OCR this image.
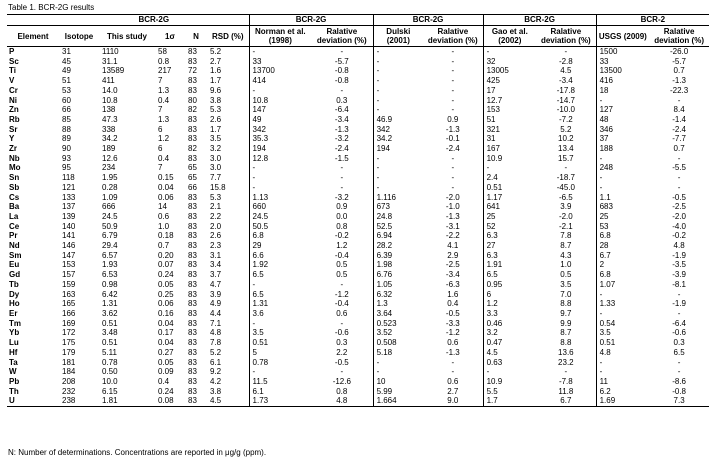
Table 1. BCR-2G results
	BCR-2G					BCR-2G		BCR-2G		BCR-2G		BCR-2	
Element	Isotope	This study	1σ	N	RSD (%)	Norman et al. (1998)	Ralative deviation (%)	Dulski (2001)	Ralative deviation (%)	Gao et al. (2002)	Ralative deviation (%)	USGS (2009)	Ralative deviation (%)
P	31	1110	58	83	5.2	-	-	-	-	-	-	1500	-26.0
Sc	45	31.1	0.8	83	2.7	33	-5.7	-	-	32	-2.8	33	-5.7
Ti	49	13589	217	72	1.6	13700	-0.8	-	-	13005	4.5	13500	0.7
V	51	411	7	83	1.7	414	-0.8	-	-	425	-3.4	416	-1.3
Cr	53	14.0	1.3	83	9.6	-	-	-	-	17	-17.8	18	-22.3
Ni	60	10.8	0.4	80	3.8	10.8	0.3	-	-	12.7	-14.7	-	-
Zn	66	138	7	82	5.3	147	-6.4	-	-	153	-10.0	127	8.4
Rb	85	47.3	1.3	83	2.6	49	-3.4	46.9	0.9	51	-7.2	48	-1.4
Sr	88	338	6	83	1.7	342	-1.3	342	-1.3	321	5.2	346	-2.4
Y	89	34.2	1.2	83	3.5	35.3	-3.2	34.2	-0.1	31	10.2	37	-7.7
Zr	90	189	6	82	3.2	194	-2.4	194	-2.4	167	13.4	188	0.7
Nb	93	12.6	0.4	83	3.0	12.8	-1.5	-	-	10.9	15.7	-	-
Mo	95	234	7	65	3.0	-	-	-	-	-	-	248	-5.5
Sn	118	1.95	0.15	65	7.7	-	-	-	-	2.4	-18.7	-	-
Sb	121	0.28	0.04	66	15.8	-	-	-	-	0.51	-45.0	-	-
Cs	133	1.09	0.06	83	5.3	1.13	-3.2	1.116	-2.0	1.17	-6.5	1.1	-0.5
Ba	137	666	14	83	2.1	660	0.9	673	-1.0	641	3.9	683	-2.5
La	139	24.5	0.6	83	2.2	24.5	0.0	24.8	-1.3	25	-2.0	25	-2.0
Ce	140	50.9	1.0	83	2.0	50.5	0.8	52.5	-3.1	52	-2.1	53	-4.0
Pr	141	6.79	0.18	83	2.6	6.8	-0.2	6.94	-2.2	6.3	7.8	6.8	-0.2
Nd	146	29.4	0.7	83	2.3	29	1.2	28.2	4.1	27	8.7	28	4.8
Sm	147	6.57	0.20	83	3.1	6.6	-0.4	6.39	2.9	6.3	4.3	6.7	-1.9
Eu	153	1.93	0.07	83	3.4	1.92	0.5	1.98	-2.5	1.91	1.0	2	-3.5
Gd	157	6.53	0.24	83	3.7	6.5	0.5	6.76	-3.4	6.5	0.5	6.8	-3.9
Tb	159	0.98	0.05	83	4.7	-	-	1.05	-6.3	0.95	3.5	1.07	-8.1
Dy	163	6.42	0.25	83	3.9	6.5	-1.2	6.32	1.6	6	7.0	-	-
Ho	165	1.31	0.06	83	4.9	1.31	-0.4	1.3	0.4	1.2	8.8	1.33	-1.9
Er	166	3.62	0.16	83	4.4	3.6	0.6	3.64	-0.5	3.3	9.7	-	-
Tm	169	0.51	0.04	83	7.1	-	-	0.523	-3.3	0.46	9.9	0.54	-6.4
Yb	172	3.48	0.17	83	4.8	3.5	-0.6	3.52	-1.2	3.2	8.7	3.5	-0.6
Lu	175	0.51	0.04	83	7.8	0.51	0.3	0.508	0.6	0.47	8.8	0.51	0.3
Hf	179	5.11	0.27	83	5.2	5	2.2	5.18	-1.3	4.5	13.6	4.8	6.5
Ta	181	0.78	0.05	83	6.1	0.78	-0.5	-	-	0.63	23.2	-	-
W	184	0.50	0.09	83	9.2	-	-	-	-	-	-	-	-
Pb	208	10.0	0.4	83	4.2	11.5	-12.6	10	0.6	10.9	-7.8	11	-8.6
Th	232	6.15	0.24	83	3.8	6.1	0.8	5.99	2.7	5.5	11.8	6.2	-0.8
U	238	1.81	0.08	83	4.5	1.73	4.8	1.664	9.0	1.7	6.7	1.69	7.3
N: Number of determinations. Concentrations are reported in μg/g (ppm).
